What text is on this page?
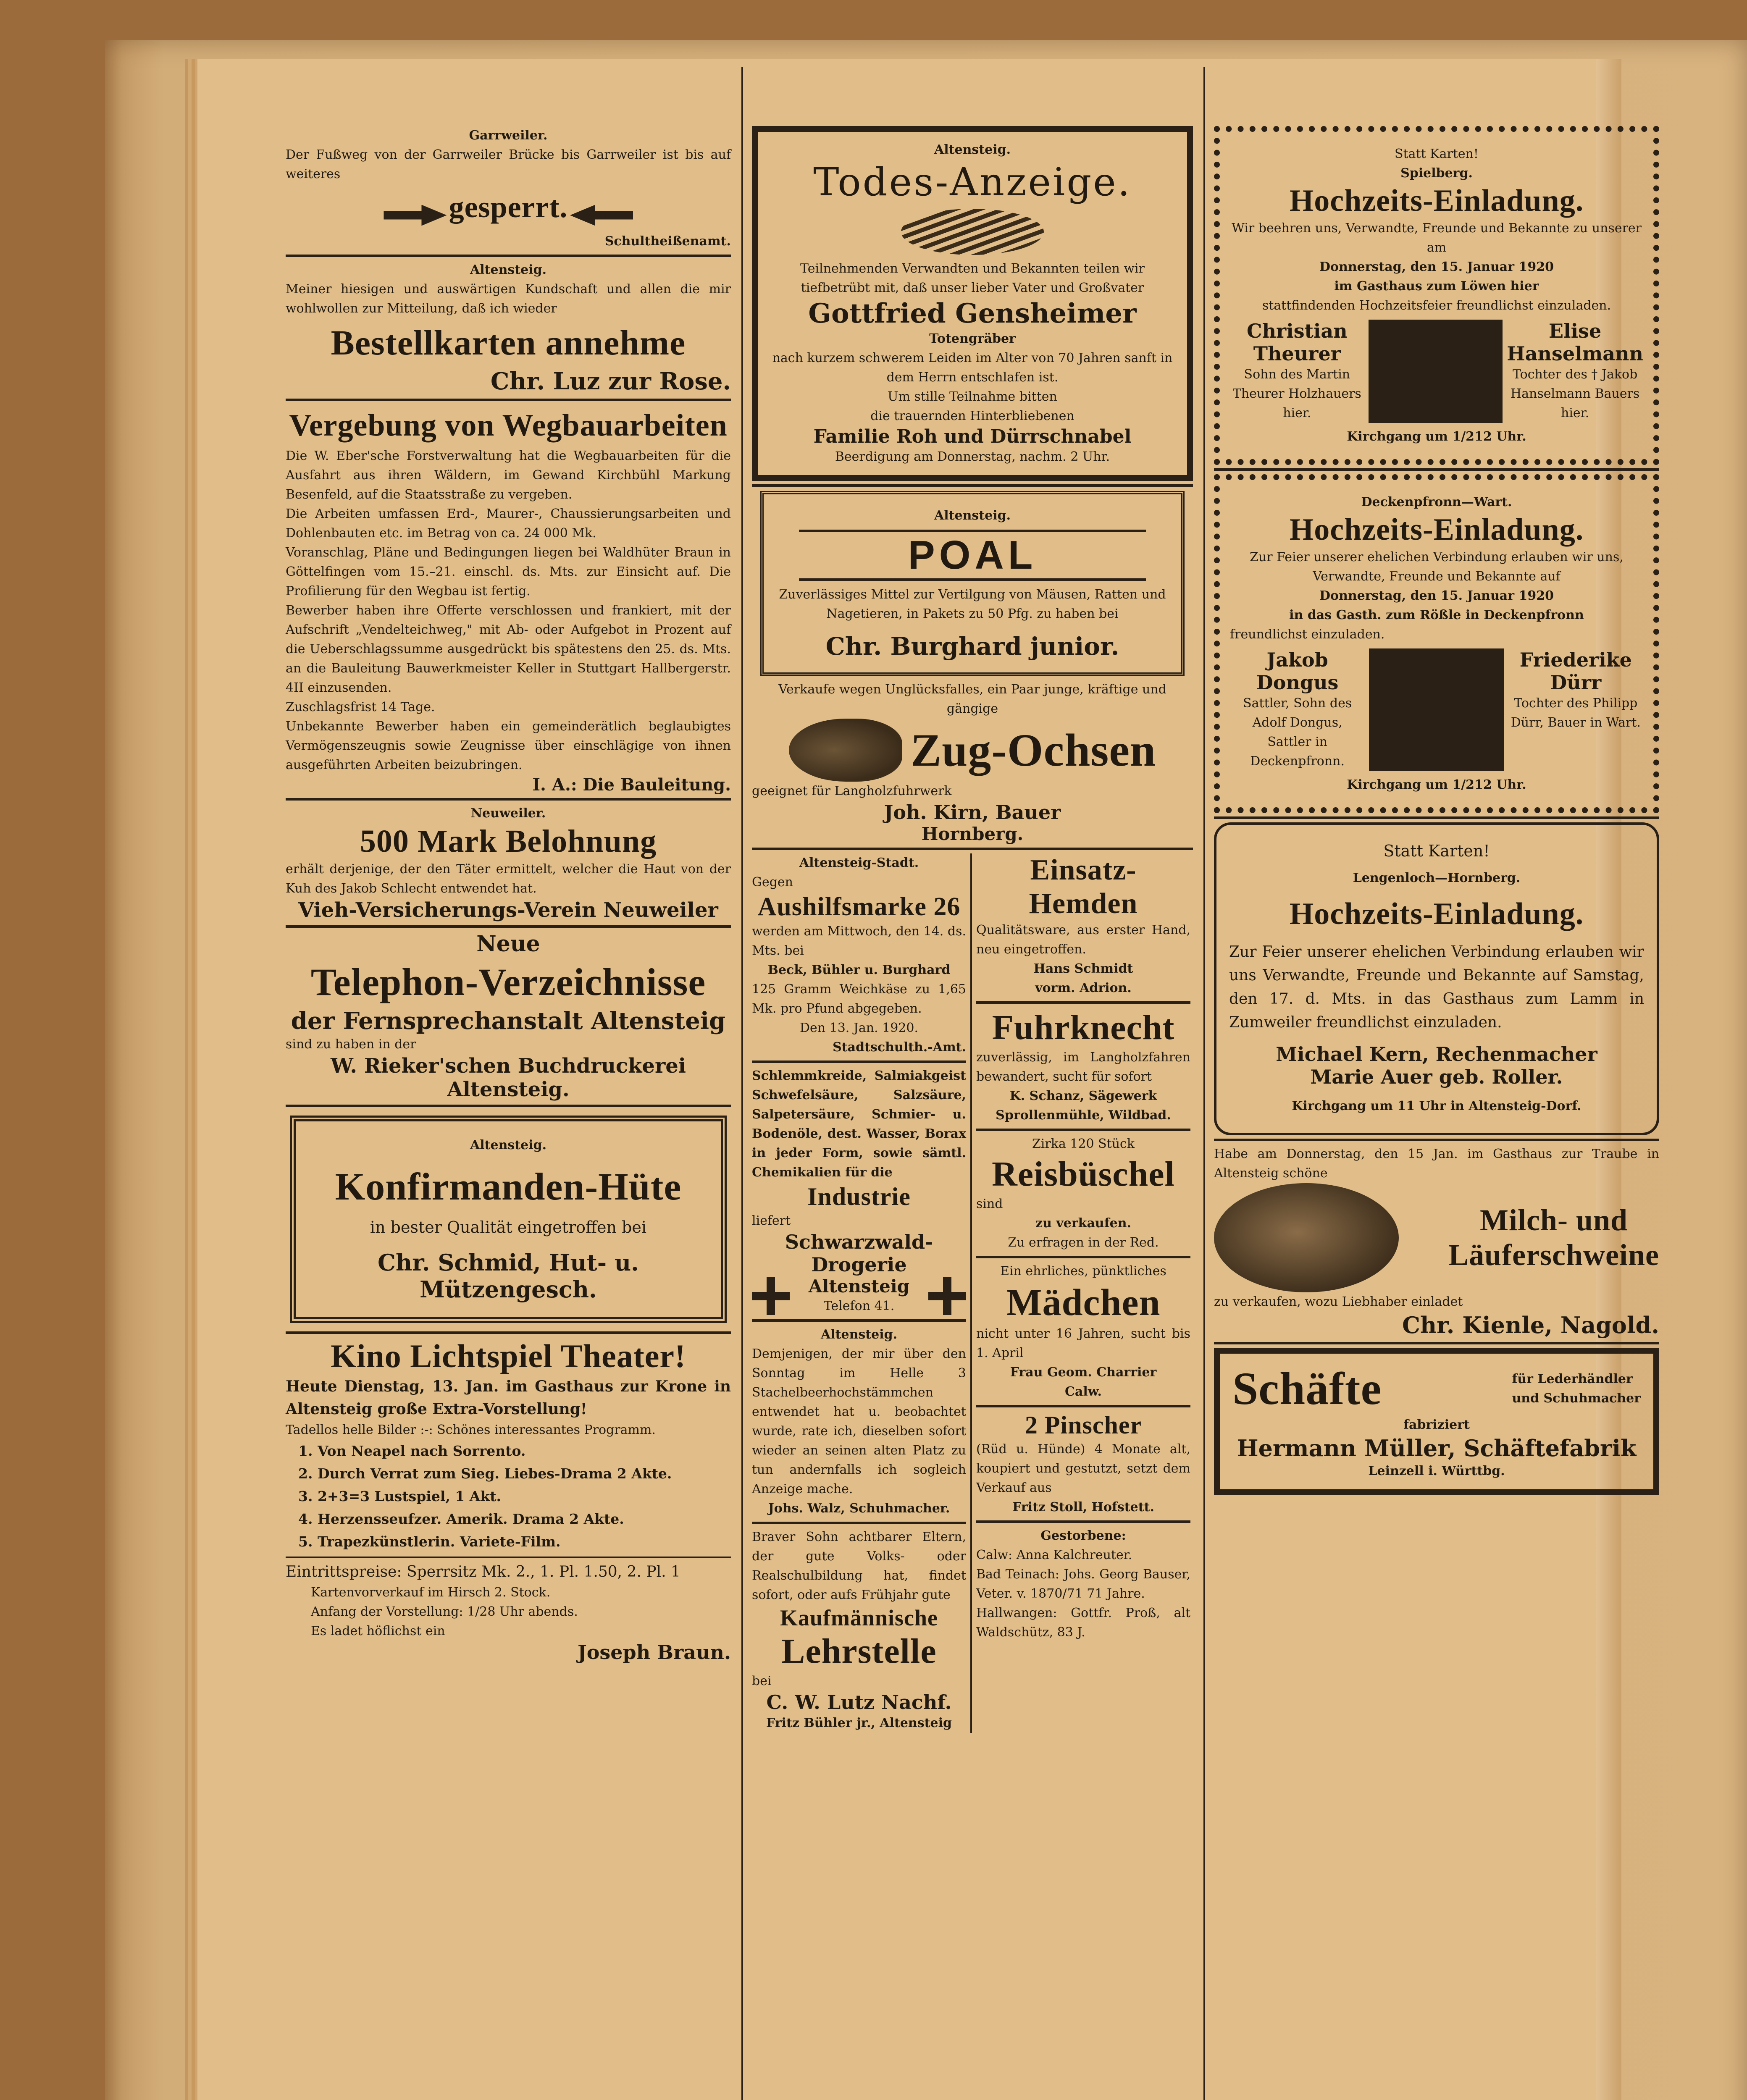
Garrweiler.
Der Fußweg von der Garrweiler Brücke bis Garrweiler ist bis auf weiteres
gesperrt.
Schultheißenamt.
Altensteig.
Meiner hiesigen und auswärtigen Kundschaft und allen die mir wohlwollen zur Mitteilung, daß ich wieder
Bestellkarten annehme
Chr. Luz zur Rose.
Vergebung von Wegbauarbeiten
Die W. Eber'sche Forstverwaltung hat die Wegbauarbeiten für die Ausfahrt aus ihren Wäldern, im Gewand Kirchbühl Markung Besenfeld, auf die Staatsstraße zu vergeben.
Die Arbeiten umfassen Erd-, Maurer-, Chaussierungsarbeiten und Dohlenbauten etc. im Betrag von ca. 24 000 Mk.
Voranschlag, Pläne und Bedingungen liegen bei Waldhüter Braun in Göttelfingen vom 15.–21. einschl. ds. Mts. zur Einsicht auf. Die Profilierung für den Wegbau ist fertig.
Bewerber haben ihre Offerte verschlossen und frankiert, mit der Aufschrift „Vendelteichweg," mit Ab- oder Aufgebot in Prozent auf die Ueberschlagssumme ausgedrückt bis spätestens den 25. ds. Mts. an die Bauleitung Bauwerkmeister Keller in Stuttgart Hallbergerstr. 4II einzusenden.
Zuschlagsfrist 14 Tage.
Unbekannte Bewerber haben ein gemeinderätlich beglaubigtes Vermögenszeugnis sowie Zeugnisse über einschlägige von ihnen ausgeführten Arbeiten beizubringen.
I. A.: Die Bauleitung.
Neuweiler.
500 Mark Belohnung
erhält derjenige, der den Täter ermittelt, welcher die Haut von der Kuh des Jakob Schlecht entwendet hat.
Vieh-Versicherungs-Verein Neuweiler
Neue
Telephon-Verzeichnisse
der Fernsprechanstalt Altensteig
sind zu haben in der
W. Rieker'schen Buchdruckerei Altensteig.
Altensteig.
Konfirmanden-Hüte
in bester Qualität eingetroffen bei
Chr. Schmid, Hut- u. Mützengesch.
Kino Lichtspiel Theater!
Heute Dienstag, 13. Jan. im Gasthaus zur Krone in Altensteig große Extra-Vorstellung!
Tadellos helle Bilder :-: Schönes interessantes Programm.
1. Von Neapel nach Sorrento.
2. Durch Verrat zum Sieg. Liebes-Drama 2 Akte.
3. 2+3=3 Lustspiel, 1 Akt.
4. Herzensseufzer. Amerik. Drama 2 Akte.
5. Trapezkünstlerin. Variete-Film.
Eintrittspreise: Sperrsitz Mk. 2., 1. Pl. 1.50, 2. Pl. 1
Kartenvorverkauf im Hirsch 2. Stock.
Anfang der Vorstellung: 1/28 Uhr abends.
Es ladet höflichst ein
Joseph Braun.
Altensteig.
Todes-Anzeige.
Teilnehmenden Verwandten und Bekannten teilen wir tiefbetrübt mit, daß unser lieber Vater und Großvater
Gottfried Gensheimer
Totengräber
nach kurzem schwerem Leiden im Alter von 70 Jahren sanft in dem Herrn entschlafen ist.
Um stille Teilnahme bitten
die trauernden Hinterbliebenen
Familie Roh und Dürrschnabel
Beerdigung am Donnerstag, nachm. 2 Uhr.
Altensteig.
POAL
Zuverlässiges Mittel zur Vertilgung von Mäusen, Ratten und Nagetieren, in Pakets zu 50 Pfg. zu haben bei
Chr. Burghard junior.
Verkaufe wegen Unglücksfalles, ein Paar junge, kräftige und gängige
Zug-Ochsen
geeignet für Langholzfuhrwerk
Joh. Kirn, Bauer
Hornberg.
Altensteig-Stadt.
Gegen
Aushilfsmarke 26
werden am Mittwoch, den 14. ds. Mts. bei
Beck, Bühler u. Burghard
125 Gramm Weichkäse zu 1,65 Mk. pro Pfund abgegeben.
Den 13. Jan. 1920.
Stadtschulth.-Amt.
Schlemmkreide, Salmiakgeist Schwefelsäure, Salzsäure, Salpetersäure, Schmier- u. Bodenöle, dest. Wasser, Borax in jeder Form, sowie sämtl. Chemikalien für die
Industrie
liefert
Schwarzwald-Drogerie
Altensteig
Telefon 41.
Altensteig.
Demjenigen, der mir über den Sonntag im Helle 3 Stachelbeerhochstämmchen entwendet hat u. beobachtet wurde, rate ich, dieselben sofort wieder an seinen alten Platz zu tun andernfalls ich sogleich Anzeige mache.
Johs. Walz, Schuhmacher.
Braver Sohn achtbarer Eltern, der gute Volks- oder Realschulbildung hat, findet sofort, oder aufs Frühjahr gute
Kaufmännische
Lehrstelle
bei
C. W. Lutz Nachf.
Fritz Bühler jr., Altensteig
Einsatz-
Hemden
Qualitätsware, aus erster Hand, neu eingetroffen.
Hans Schmidt
vorm. Adrion.
Fuhrknecht
zuverlässig, im Langholzfahren bewandert, sucht für sofort
K. Schanz, Sägewerk
Sprollenmühle, Wildbad.
Zirka 120 Stück
Reisbüschel
sind
zu verkaufen.
Zu erfragen in der Red.
Ein ehrliches, pünktliches
Mädchen
nicht unter 16 Jahren, sucht bis 1. April
Frau Geom. Charrier
Calw.
2 Pinscher
(Rüd u. Hünde) 4 Monate alt, koupiert und gestutzt, setzt dem Verkauf aus
Fritz Stoll, Hofstett.
Gestorbene:
Calw: Anna Kalchreuter.
Bad Teinach: Johs. Georg Bauser, Veter. v. 1870/71 71 Jahre.
Hallwangen: Gottfr. Proß, alt Waldschütz, 83 J.
Statt Karten!
Spielberg.
Hochzeits-Einladung.
Wir beehren uns, Verwandte, Freunde und Bekannte zu unserer am
Donnerstag, den 15. Januar 1920
im Gasthaus zum Löwen hier
stattfindenden Hochzeitsfeier freundlichst einzuladen.
Christian Theurer
Sohn des Martin Theurer Holzhauers hier.
Elise Hanselmann
Tochter des † Jakob Hanselmann Bauers hier.
Kirchgang um 1/212 Uhr.
Deckenpfronn—Wart.
Hochzeits-Einladung.
Zur Feier unserer ehelichen Verbindung erlauben wir uns, Verwandte, Freunde und Bekannte auf
Donnerstag, den 15. Januar 1920
in das Gasth. zum Rößle in Deckenpfronn
freundlichst einzuladen.
Jakob Dongus
Sattler, Sohn des Adolf Dongus, Sattler in Deckenpfronn.
Friederike Dürr
Tochter des Philipp Dürr, Bauer in Wart.
Kirchgang um 1/212 Uhr.
Statt Karten!
Lengenloch—Hornberg.
Hochzeits-Einladung.
Zur Feier unserer ehelichen Verbindung erlauben wir uns Verwandte, Freunde und Bekannte auf Samstag, den 17. d. Mts. in das Gasthaus zum Lamm in Zumweiler freundlichst einzuladen.
Michael Kern, Rechenmacher
Marie Auer geb. Roller.
Kirchgang um 11 Uhr in Altensteig-Dorf.
Habe am Donnerstag, den 15 Jan. im Gasthaus zur Traube in Altensteig schöne
Milch- und
Läuferschweine
zu verkaufen, wozu Liebhaber einladet
Chr. Kienle, Nagold.
Schäfte	für Lederhändler
und Schuhmacher
fabriziert
Hermann Müller, Schäftefabrik
Leinzell i. Württbg.
